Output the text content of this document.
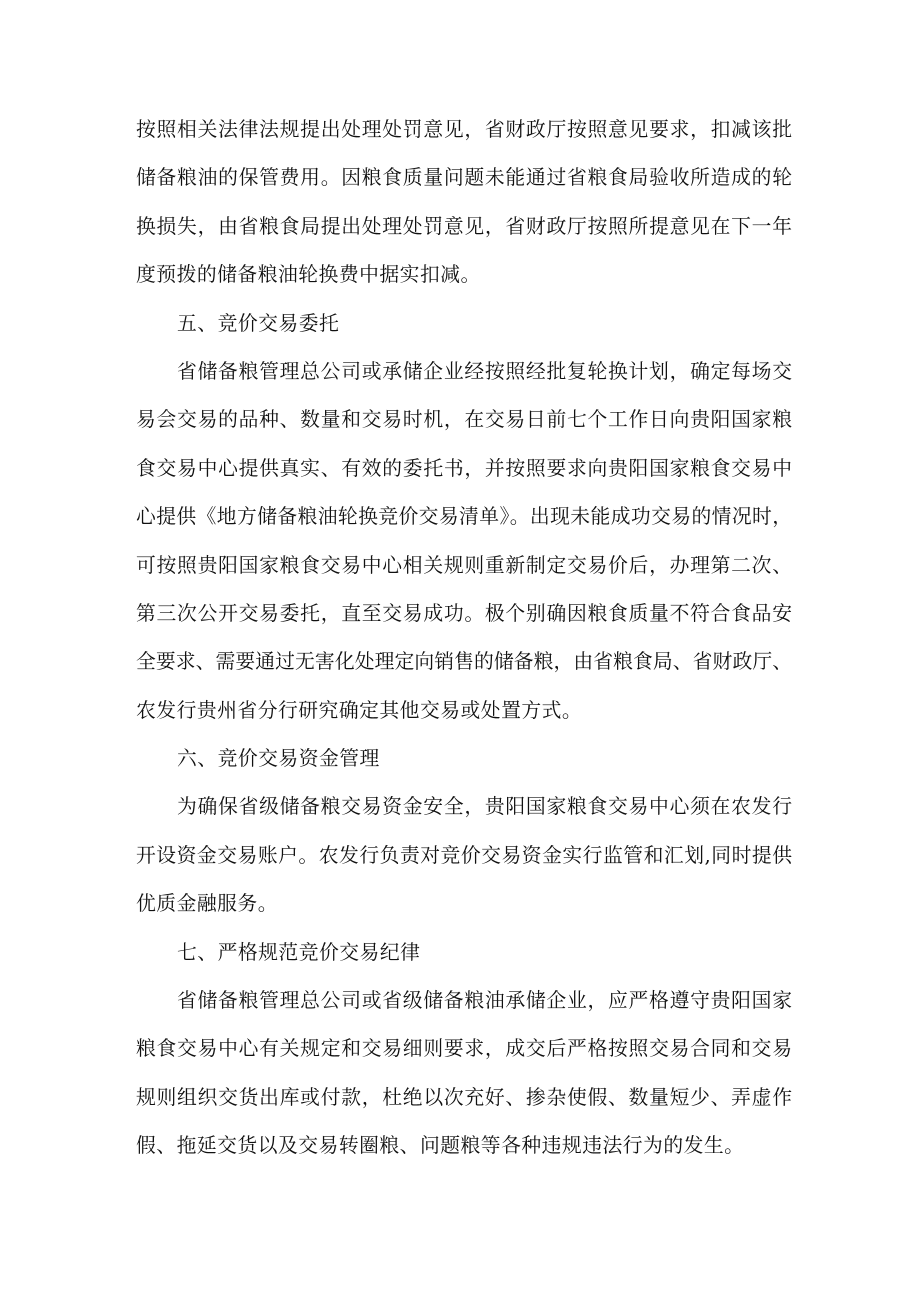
按照相关法律法规提出处理处罚意见，省财政厅按照意见要求，扣减该批
储备粮油的保管费用。因粮食质量问题未能通过省粮食局验收所造成的轮
换损失，由省粮食局提出处理处罚意见，省财政厅按照所提意见在下一年
度预拨的储备粮油轮换费中据实扣减。
五、竞价交易委托
省储备粮管理总公司或承储企业经按照经批复轮换计划，确定每场交
易会交易的品种、数量和交易时机，在交易日前七个工作日向贵阳国家粮
食交易中心提供真实、有效的委托书，并按照要求向贵阳国家粮食交易中
心提供《地方储备粮油轮换竞价交易清单》。出现未能成功交易的情况时，
可按照贵阳国家粮食交易中心相关规则重新制定交易价后，办理第二次、
第三次公开交易委托，直至交易成功。极个别确因粮食质量不符合食品安
全要求、需要通过无害化处理定向销售的储备粮，由省粮食局、省财政厅、
农发行贵州省分行研究确定其他交易或处置方式。
六、竞价交易资金管理
为确保省级储备粮交易资金安全，贵阳国家粮食交易中心须在农发行
开设资金交易账户。农发行负责对竞价交易资金实行监管和汇划,同时提供
优质金融服务。
七、严格规范竞价交易纪律
省储备粮管理总公司或省级储备粮油承储企业，应严格遵守贵阳国家
粮食交易中心有关规定和交易细则要求，成交后严格按照交易合同和交易
规则组织交货出库或付款，杜绝以次充好、掺杂使假、数量短少、弄虚作
假、拖延交货以及交易转圈粮、问题粮等各种违规违法行为的发生。
